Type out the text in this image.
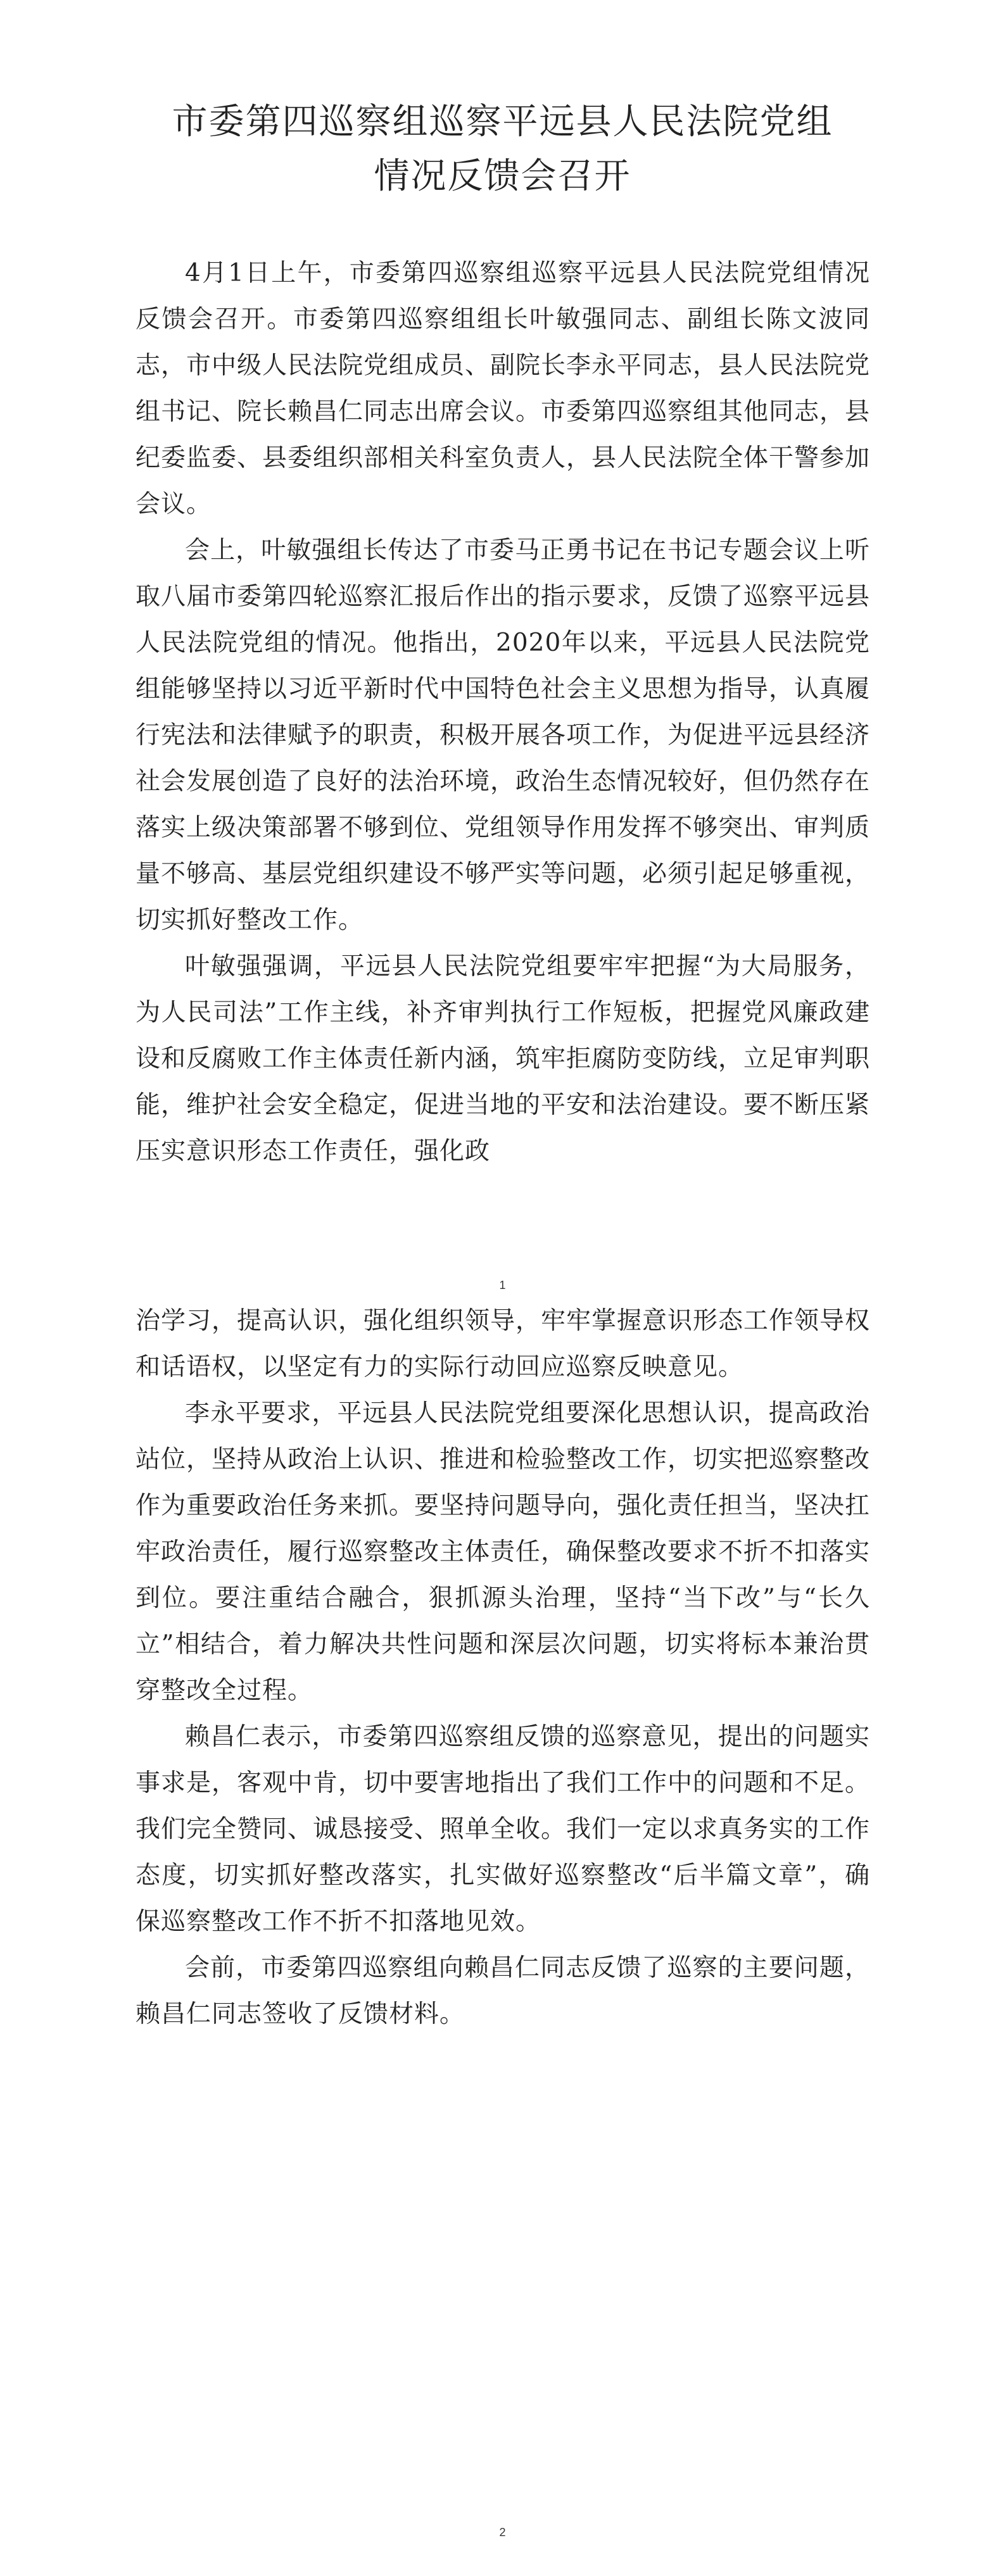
市委第四巡察组巡察平远县人民法院党组
情况反馈会召开

4月1日上午，市委第四巡察组巡察平远县人民法院党组情况反馈会召开。市委第四巡察组组长叶敏强同志、副组长陈文波同志，市中级人民法院党组成员、副院长李永平同志，县人民法院党组书记、院长赖昌仁同志出席会议。市委第四巡察组其他同志，县纪委监委、县委组织部相关科室负责人，县人民法院全体干警参加会议。

会上，叶敏强组长传达了市委马正勇书记在书记专题会议上听取八届市委第四轮巡察汇报后作出的指示要求，反馈了巡察平远县人民法院党组的情况。他指出，2020年以来，平远县人民法院党组能够坚持以习近平新时代中国特色社会主义思想为指导，认真履行宪法和法律赋予的职责，积极开展各项工作，为促进平远县经济社会发展创造了良好的法治环境，政治生态情况较好，但仍然存在落实上级决策部署不够到位、党组领导作用发挥不够突出、审判质量不够高、基层党组织建设不够严实等问题，必须引起足够重视，切实抓好整改工作。

叶敏强强调，平远县人民法院党组要牢牢把握“为大局服务，为人民司法”工作主线，补齐审判执行工作短板，把握党风廉政建设和反腐败工作主体责任新内涵，筑牢拒腐防变防线，立足审判职能，维护社会安全稳定，促进当地的平安和法治建设。要不断压紧压实意识形态工作责任，强化政

1

治学习，提高认识，强化组织领导，牢牢掌握意识形态工作领导权和话语权，以坚定有力的实际行动回应巡察反映意见。

李永平要求，平远县人民法院党组要深化思想认识，提高政治站位，坚持从政治上认识、推进和检验整改工作，切实把巡察整改作为重要政治任务来抓。要坚持问题导向，强化责任担当，坚决扛牢政治责任，履行巡察整改主体责任，确保整改要求不折不扣落实到位。要注重结合融合，狠抓源头治理，坚持“当下改”与“长久立”相结合，着力解决共性问题和深层次问题，切实将标本兼治贯穿整改全过程。

赖昌仁表示，市委第四巡察组反馈的巡察意见，提出的问题实事求是，客观中肯，切中要害地指出了我们工作中的问题和不足。我们完全赞同、诚恳接受、照单全收。我们一定以求真务实的工作态度，切实抓好整改落实，扎实做好巡察整改“后半篇文章”，确保巡察整改工作不折不扣落地见效。

会前，市委第四巡察组向赖昌仁同志反馈了巡察的主要问题，赖昌仁同志签收了反馈材料。

2
